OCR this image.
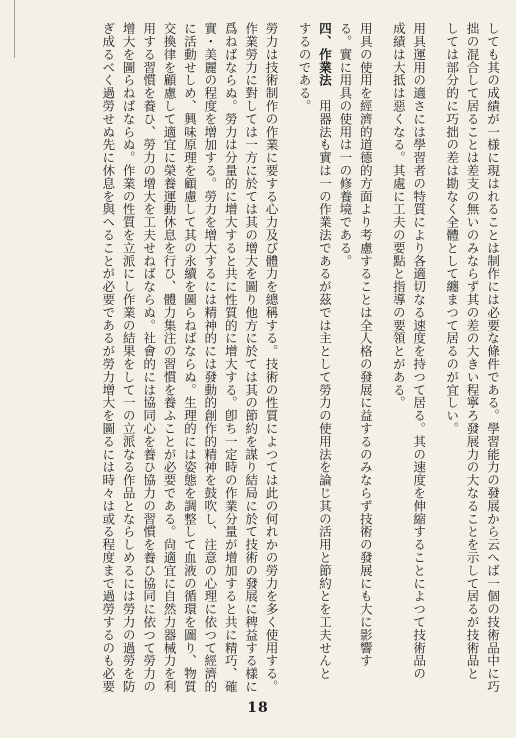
しても其の成績が一様に現はれることは制作には必要な條件である。學習能力の發展から云へば一個の技術品中に巧
拙の混合して居ることは差支の無いのみならず其の差の大きい程寧ろ發展力の大なることを示して居るが技術品と
しては部分的に巧拙の差は勘なく全體として纏まつて居るのが宜しい。
用具運用の適さには學習者の特質により各適切なる速度を持つて居る。其の速度を伸縮することによつて技術品の
成績は大抵は惡くなる。其處に工夫の要點と指導の要領とがある。
用具の使用を經濟的道德的方面より考慮することは全人格の發展に益するのみならず技術の發展にも大に影響す
る。實に用具の使用は一の修養境である。
四、作業法　用器法も實は一の作業法であるが茲では主として勞力の使用法を論じ其の活用と節約とを工夫せんと
するのである。
勞力は技術制作の作業に要する心力及び體力を總稱する。技術の性質によつては此の何れかの勞力を多く使用する。
作業勞力に對しては一方に於ては其の增大を圖り他方に於ては其の節約を謀り結局に於て技術の發展に稗益する樣に
爲ねばならぬ。勞力は分量的に增大すると共に性質的に增大する。卽ち一定時の作業分量が增加すると共に精巧、確
實・美麗の程度を增加する。勞力を增大するには精神的には發動的創作的精神を鼓吹し、注意の心理に依つて經濟的
に活動せしめ、興味原理を顧慮して其の永續を圖らねばならぬ。生理的には姿態を調整して血液の循環を圖り、物質
交換律を顧慮して適宜に榮養運動休息を行ひ、體力集注の習慣を養ふことが必要である。尙適宜に自然力器械力を利
用する習慣を養ひ、勞力の增大を工夫せねばならぬ。社會的には協同心を養ひ協力の習慣を養ひ協同に依つて勞力の
增大を圖らねばならぬ。作業の性質を立派にし作業の結果をして一の立派なる作品とならしめるには勞力の過勞を防
ぎ成るべく過勞せぬ先に休息を與へることが必要であるが勞力增大を圖るには時々は或る程度まで過勞するのも必要
18
